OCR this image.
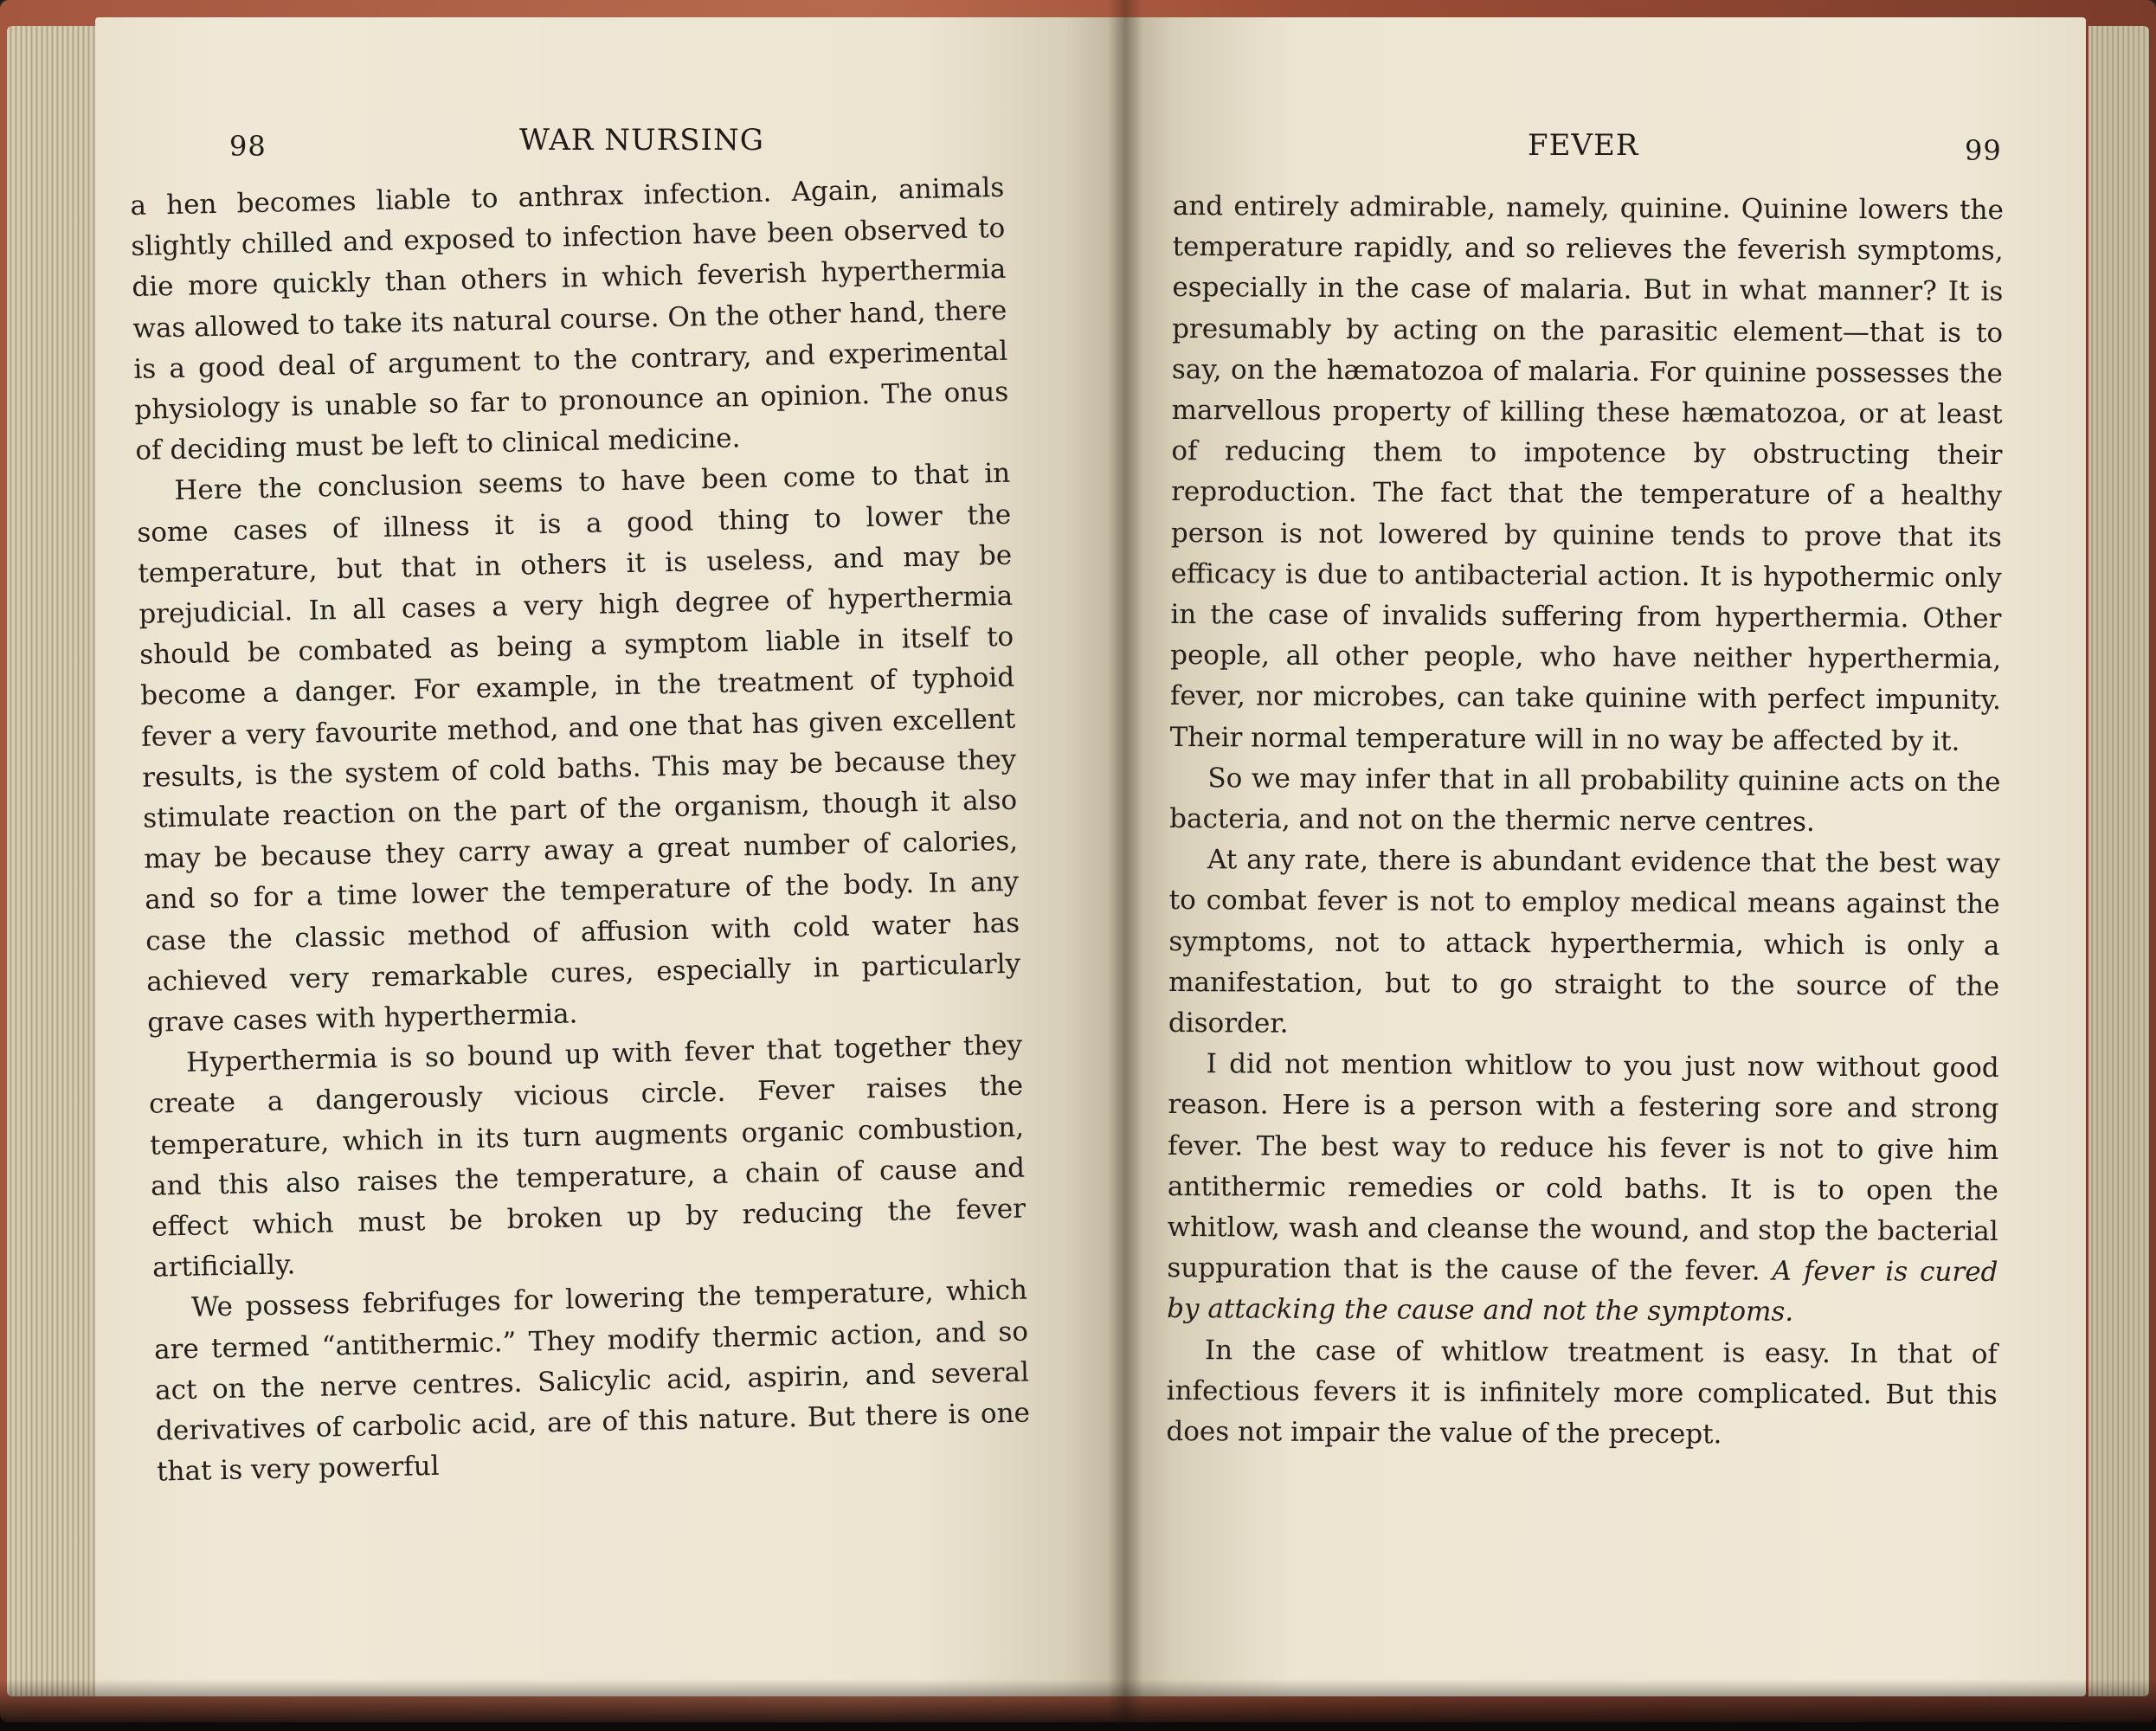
98	WAR NURSING	FEVER	99

a hen becomes liable to anthrax infection. Again, animals slightly chilled and exposed to infection have been observed to die more quickly than others in which feverish hyperthermia was allowed to take its natural course. On the other hand, there is a good deal of argument to the contrary, and experimental physiology is unable so far to pronounce an opinion. The onus of deciding must be left to clinical medicine.

Here the conclusion seems to have been come to that in some cases of illness it is a good thing to lower the temperature, but that in others it is useless, and may be prejudicial. In all cases a very high degree of hyperthermia should be combated as being a symptom liable in itself to become a danger. For example, in the treatment of typhoid fever a very favourite method, and one that has given excellent results, is the system of cold baths. This may be because they stimulate reaction on the part of the organism, though it also may be because they carry away a great number of calories, and so for a time lower the temperature of the body. In any case the classic method of affusion with cold water has achieved very remarkable cures, especially in particularly grave cases with hyperthermia.

Hyperthermia is so bound up with fever that together they create a dangerously vicious circle. Fever raises the temperature, which in its turn augments organic combustion, and this also raises the temperature, a chain of cause and effect which must be broken up by reducing the fever artificially.

We possess febrifuges for lowering the temperature, which are termed “antithermic.” They modify thermic action, and so act on the nerve centres. Salicylic acid, aspirin, and several derivatives of carbolic acid, are of this nature. But there is one that is very powerful

and entirely admirable, namely, quinine. Quinine lowers the temperature rapidly, and so relieves the feverish symptoms, especially in the case of malaria. But in what manner? It is presumably by acting on the parasitic element—that is to say, on the hæmatozoa of malaria. For quinine possesses the marvellous property of killing these hæmatozoa, or at least of reducing them to impotence by obstructing their reproduction. The fact that the temperature of a healthy person is not lowered by quinine tends to prove that its efficacy is due to antibacterial action. It is hypothermic only in the case of invalids suffering from hyperthermia. Other people, all other people, who have neither hyperthermia, fever, nor microbes, can take quinine with perfect impunity. Their normal temperature will in no way be affected by it.

So we may infer that in all probability quinine acts on the bacteria, and not on the thermic nerve centres.

At any rate, there is abundant evidence that the best way to combat fever is not to employ medical means against the symptoms, not to attack hyperthermia, which is only a manifestation, but to go straight to the source of the disorder.

I did not mention whitlow to you just now without good reason. Here is a person with a festering sore and strong fever. The best way to reduce his fever is not to give him antithermic remedies or cold baths. It is to open the whitlow, wash and cleanse the wound, and stop the bacterial suppuration that is the cause of the fever. A fever is cured by attacking the cause and not the symptoms.

In the case of whitlow treatment is easy. In that of infectious fevers it is infinitely more complicated. But this does not impair the value of the precept.
